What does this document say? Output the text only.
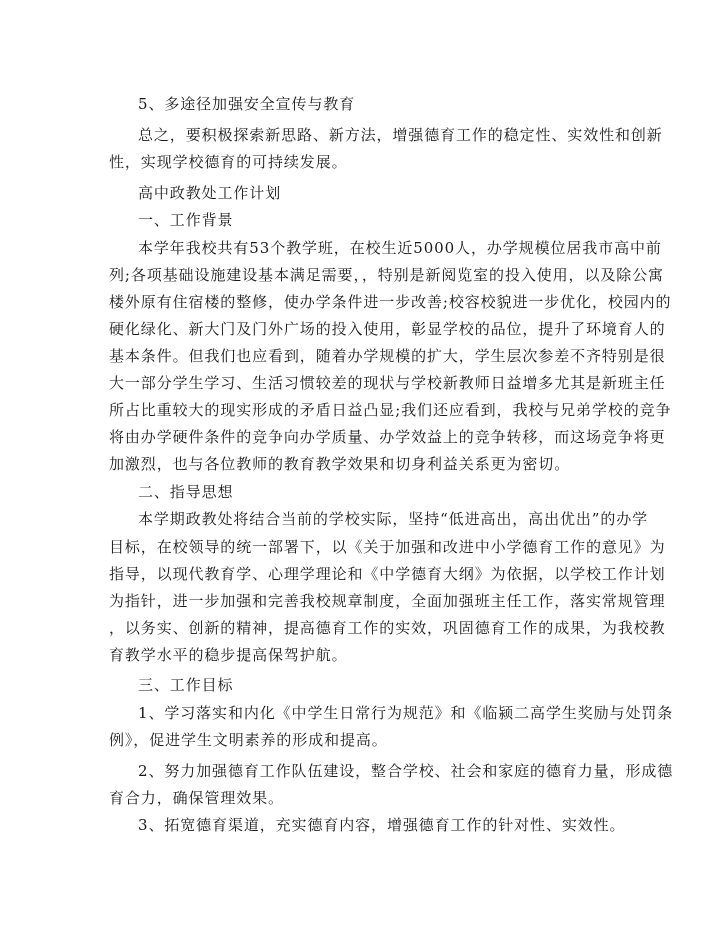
5、多途径加强安全宣传与教育
总之，要积极探索新思路、新方法，增强德育工作的稳定性、实效性和创新
性，实现学校德育的可持续发展。
高中政教处工作计划
一、工作背景
本学年我校共有53个教学班，在校生近5000人，办学规模位居我市高中前
列;各项基础设施建设基本满足需要，，特别是新阅览室的投入使用，以及除公寓
楼外原有住宿楼的整修，使办学条件进一步改善;校容校貌进一步优化，校园内的
硬化绿化、新大门及门外广场的投入使用，彰显学校的品位，提升了环境育人的
基本条件。但我们也应看到，随着办学规模的扩大，学生层次参差不齐特别是很
大一部分学生学习、生活习惯较差的现状与学校新教师日益增多尤其是新班主任
所占比重较大的现实形成的矛盾日益凸显;我们还应看到，我校与兄弟学校的竞争
将由办学硬件条件的竞争向办学质量、办学效益上的竞争转移，而这场竞争将更
加激烈，也与各位教师的教育教学效果和切身利益关系更为密切。
二、指导思想
本学期政教处将结合当前的学校实际，坚持“低进高出，高出优出”的办学
目标，在校领导的统一部署下，以《关于加强和改进中小学德育工作的意见》为
指导，以现代教育学、心理学理论和《中学德育大纲》为依据，以学校工作计划
为指针，进一步加强和完善我校规章制度，全面加强班主任工作，落实常规管理
，以务实、创新的精神，提高德育工作的实效，巩固德育工作的成果，为我校教
育教学水平的稳步提高保驾护航。
三、工作目标
1、学习落实和内化《中学生日常行为规范》和《临颍二高学生奖励与处罚条
例》，促进学生文明素养的形成和提高。
2、努力加强德育工作队伍建设，整合学校、社会和家庭的德育力量，形成德
育合力，确保管理效果。
3、拓宽德育渠道，充实德育内容，增强德育工作的针对性、实效性。
